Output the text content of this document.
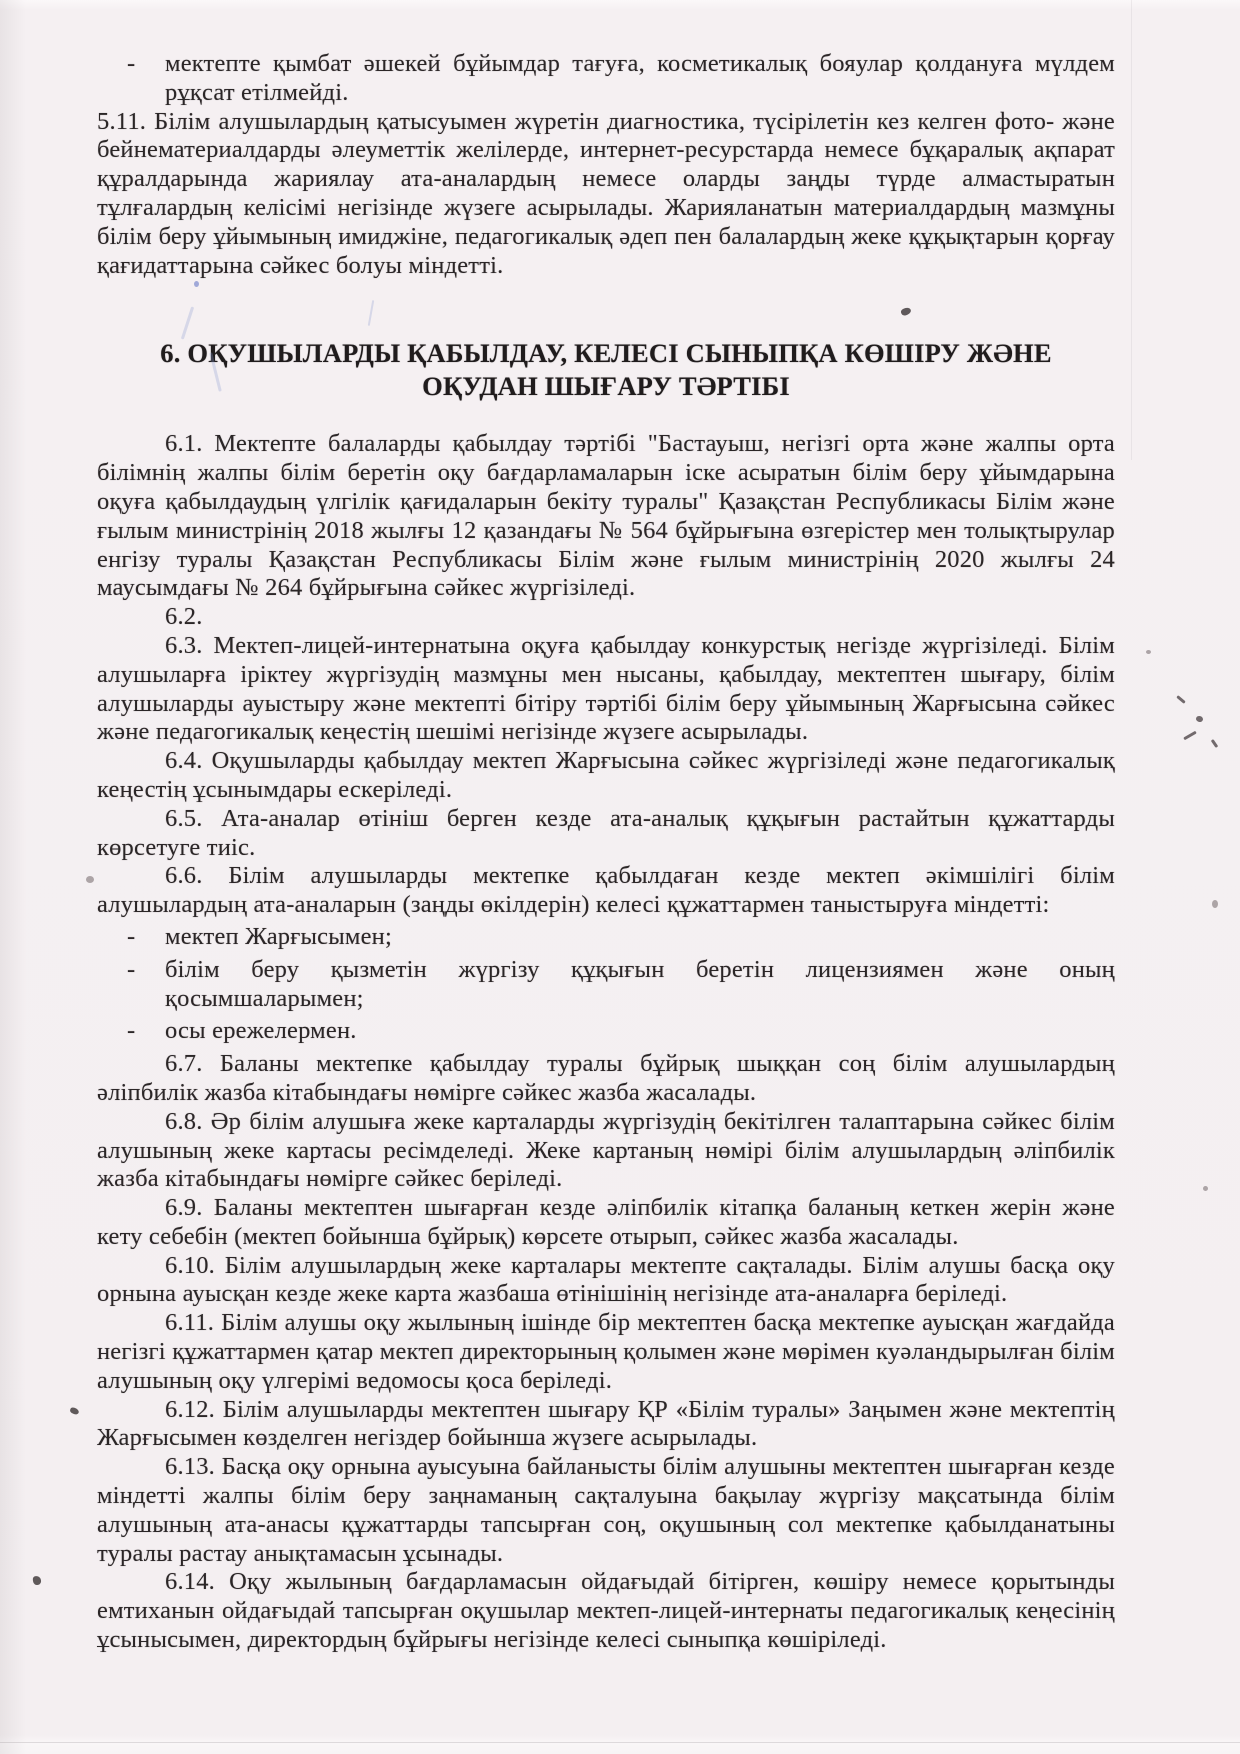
- мектепте қымбат әшекей бұйымдар тағуға, косметикалық бояулар қолдануға мүлдем рұқсат етілмейді.

5.11. Білім алушылардың қатысуымен жүретін диагностика, түсірілетін кез келген фото- және бейнематериалдарды әлеуметтік желілерде, интернет-ресурстарда немесе бұқаралық ақпарат құралдарында жариялау ата-аналардың немесе оларды заңды түрде алмастыратын тұлғалардың келісімі негізінде жүзеге асырылады. Жарияланатын материалдардың мазмұны білім беру ұйымының имиджіне, педагогикалық әдеп пен балалардың жеке құқықтарын қорғау қағидаттарына сәйкес болуы міндетті.

6. ОҚУШЫЛАРДЫ ҚАБЫЛДАУ, КЕЛЕСІ СЫНЫПҚА КӨШІРУ ЖӘНЕ
ОҚУДАН ШЫҒАРУ ТӘРТІБІ

6.1. Мектепте балаларды қабылдау тәртібі "Бастауыш, негізгі орта және жалпы орта білімнің жалпы білім беретін оқу бағдарламаларын іске асыратын білім беру ұйымдарына оқуға қабылдаудың үлгілік қағидаларын бекіту туралы" Қазақстан Республикасы Білім және ғылым министрінің 2018 жылғы 12 қазандағы № 564 бұйрығына өзгерістер мен толықтырулар енгізу туралы Қазақстан Республикасы Білім және ғылым министрінің 2020 жылғы 24 маусымдағы № 264 бұйрығына сәйкес жүргізіледі.

6.2.

6.3. Мектеп-лицей-интернатына оқуға қабылдау конкурстық негізде жүргізіледі. Білім алушыларға іріктеу жүргізудің мазмұны мен нысаны, қабылдау, мектептен шығару, білім алушыларды ауыстыру және мектепті бітіру тәртібі білім беру ұйымының Жарғысына сәйкес және педагогикалық кеңестің шешімі негізінде жүзеге асырылады.

6.4. Оқушыларды қабылдау мектеп Жарғысына сәйкес жүргізіледі және педагогикалық кеңестің ұсынымдары ескеріледі.

6.5. Ата-аналар өтініш берген кезде ата-аналық құқығын растайтын құжаттарды көрсетуге тиіс.

6.6. Білім алушыларды мектепке қабылдаған кезде мектеп әкімшілігі білім алушылардың ата-аналарын (заңды өкілдерін) келесі құжаттармен таныстыруға міндетті:

- мектеп Жарғысымен;
- білім беру қызметін жүргізу құқығын беретін лицензиямен және оның қосымшаларымен;
- осы ережелермен.

6.7. Баланы мектепке қабылдау туралы бұйрық шыққан соң білім алушылардың әліпбилік жазба кітабындағы нөмірге сәйкес жазба жасалады.

6.8. Әр білім алушыға жеке карталарды жүргізудің бекітілген талаптарына сәйкес білім алушының жеке картасы ресімделеді. Жеке картаның нөмірі білім алушылардың әліпбилік жазба кітабындағы нөмірге сәйкес беріледі.

6.9. Баланы мектептен шығарған кезде әліпбилік кітапқа баланың кеткен жерін және кету себебін (мектеп бойынша бұйрық) көрсете отырып, сәйкес жазба жасалады.

6.10. Білім алушылардың жеке карталары мектепте сақталады. Білім алушы басқа оқу орнына ауысқан кезде жеке карта жазбаша өтінішінің негізінде ата-аналарға беріледі.

6.11. Білім алушы оқу жылының ішінде бір мектептен басқа мектепке ауысқан жағдайда негізгі құжаттармен қатар мектеп директорының қолымен және мөрімен куәландырылған білім алушының оқу үлгерімі ведомосы қоса беріледі.

6.12. Білім алушыларды мектептен шығару ҚР «Білім туралы» Заңымен және мектептің Жарғысымен көзделген негіздер бойынша жүзеге асырылады.

6.13. Басқа оқу орнына ауысуына байланысты білім алушыны мектептен шығарған кезде міндетті жалпы білім беру заңнаманың сақталуына бақылау жүргізу мақсатында білім алушының ата-анасы құжаттарды тапсырған соң, оқушының сол мектепке қабылданатыны туралы растау анықтамасын ұсынады.

6.14. Оқу жылының бағдарламасын ойдағыдай бітірген, көшіру немесе қорытынды емтиханын ойдағыдай тапсырған оқушылар мектеп-лицей-интернаты педагогикалық кеңесінің ұсынысымен, директордың бұйрығы негізінде келесі сыныпқа көшіріледі.
